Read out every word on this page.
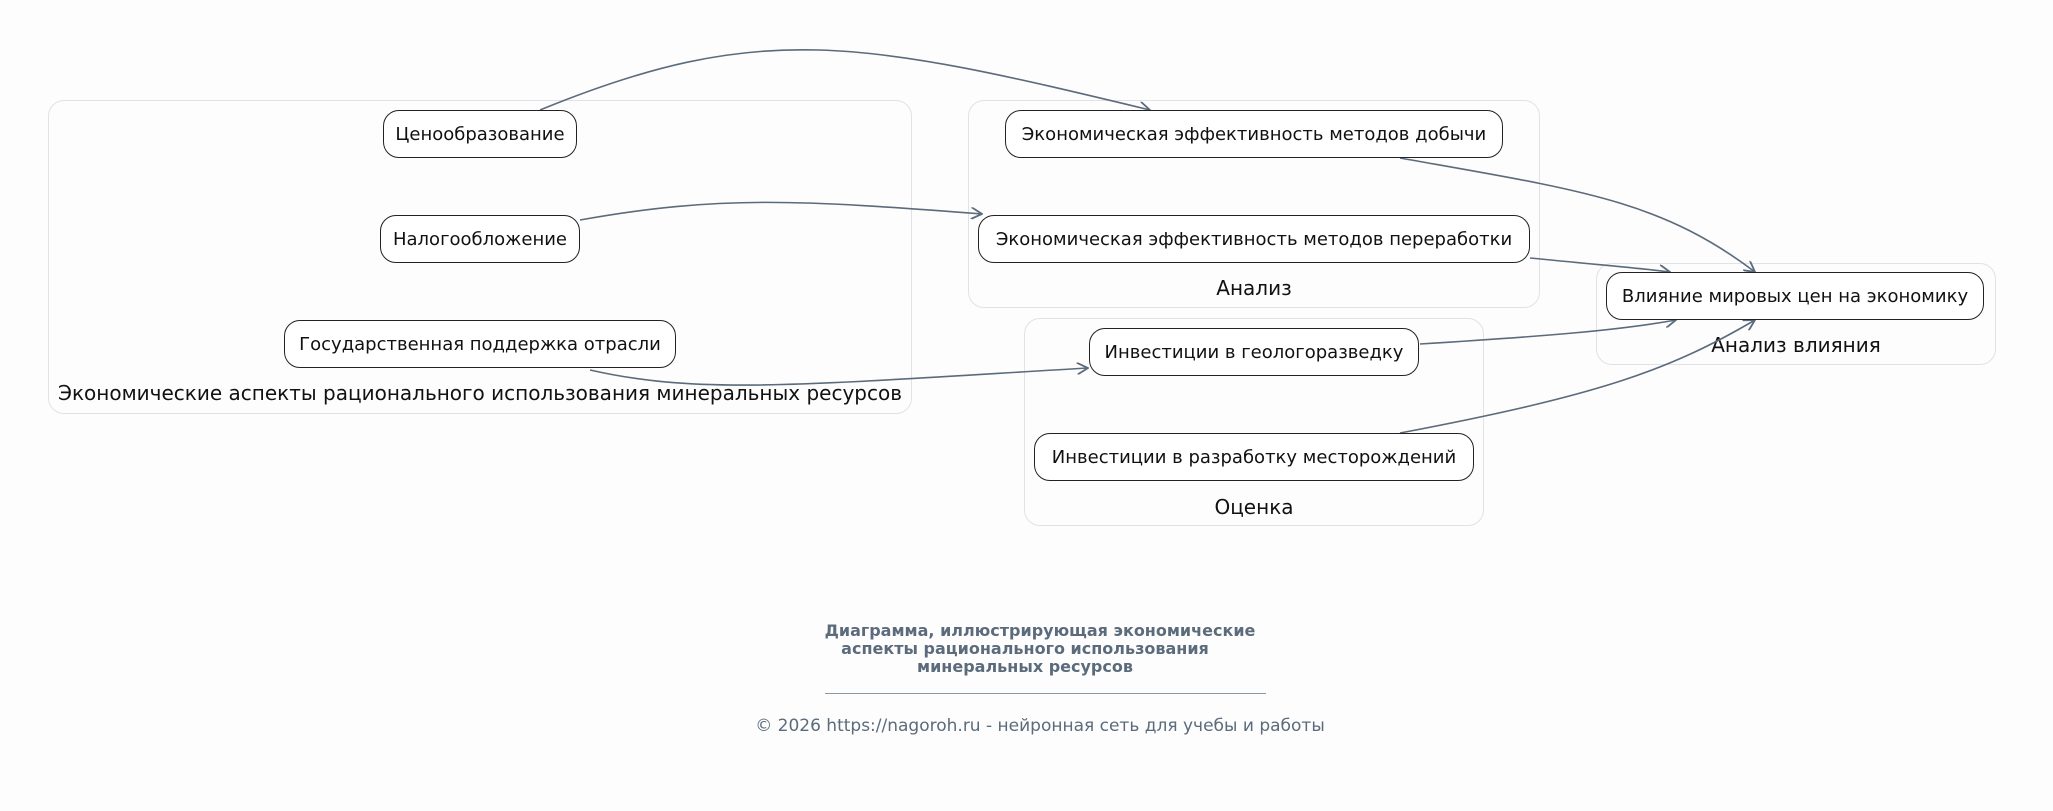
Экономические аспекты рационального использования минеральных ресурсов
Анализ
Оценка
Анализ влияния
Ценообразование
Налогообложение
Государственная поддержка отрасли
Экономическая эффективность методов добычи
Экономическая эффективность методов переработки
Инвестиции в геологоразведку
Инвестиции в разработку месторождений
Влияние мировых цен на экономику
Диаграмма, иллюстрирующая экономические
аспекты рационального использования
минеральных ресурсов
© 2026 https://nagoroh.ru - нейронная сеть для учебы и работы
